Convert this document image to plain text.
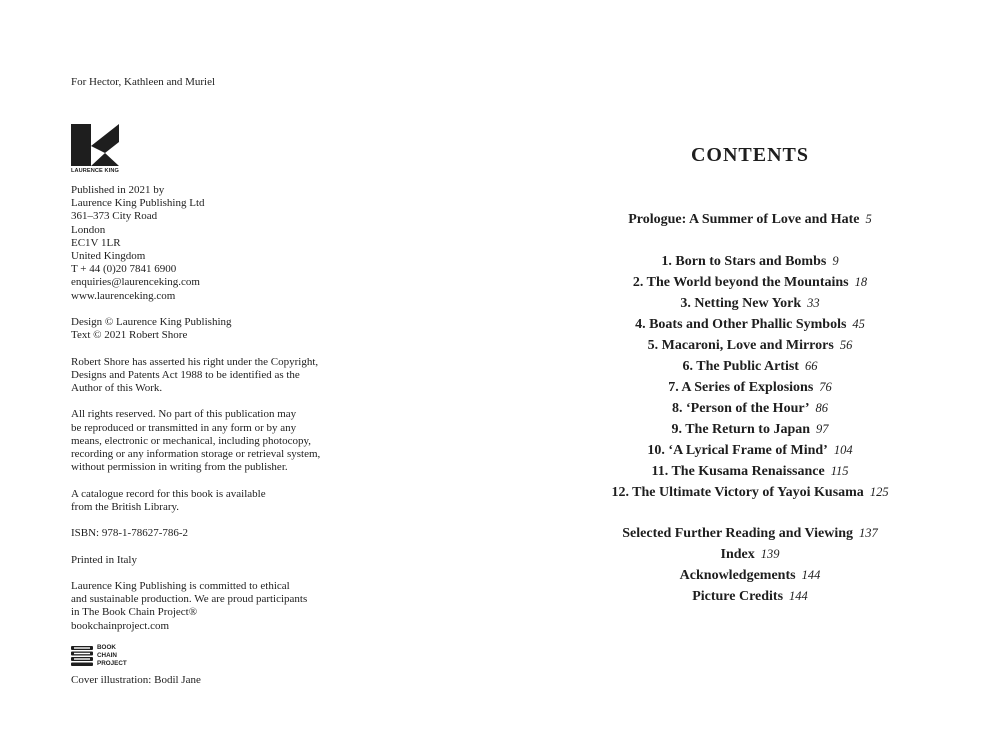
For Hector, Kathleen and Muriel

LAURENCE KING

Published in 2021 by
Laurence King Publishing Ltd
361–373 City Road
London
EC1V 1LR
United Kingdom
T + 44 (0)20 7841 6900
enquiries@laurenceking.com
www.laurenceking.com

Design © Laurence King Publishing
Text © 2021 Robert Shore

Robert Shore has asserted his right under the Copyright,
Designs and Patents Act 1988 to be identified as the
Author of this Work.

All rights reserved. No part of this publication may
be reproduced or transmitted in any form or by any
means, electronic or mechanical, including photocopy,
recording or any information storage or retrieval system,
without permission in writing from the publisher.

A catalogue record for this book is available
from the British Library.

ISBN: 978-1-78627-786-2

Printed in Italy

Laurence King Publishing is committed to ethical
and sustainable production. We are proud participants
in The Book Chain Project®
bookchainproject.com

BOOK
CHAIN
PROJECT

Cover illustration: Bodil Jane

CONTENTS
Prologue: A Summer of Love and Hate 5
1. Born to Stars and Bombs 9
2. The World beyond the Mountains 18
3. Netting New York 33
4. Boats and Other Phallic Symbols 45
5. Macaroni, Love and Mirrors 56
6. The Public Artist 66
7. A Series of Explosions 76
8. ‘Person of the Hour’ 86
9. The Return to Japan 97
10. ‘A Lyrical Frame of Mind’ 104
11. The Kusama Renaissance 115
12. The Ultimate Victory of Yayoi Kusama 125
Selected Further Reading and Viewing 137
Index 139
Acknowledgements 144
Picture Credits 144
